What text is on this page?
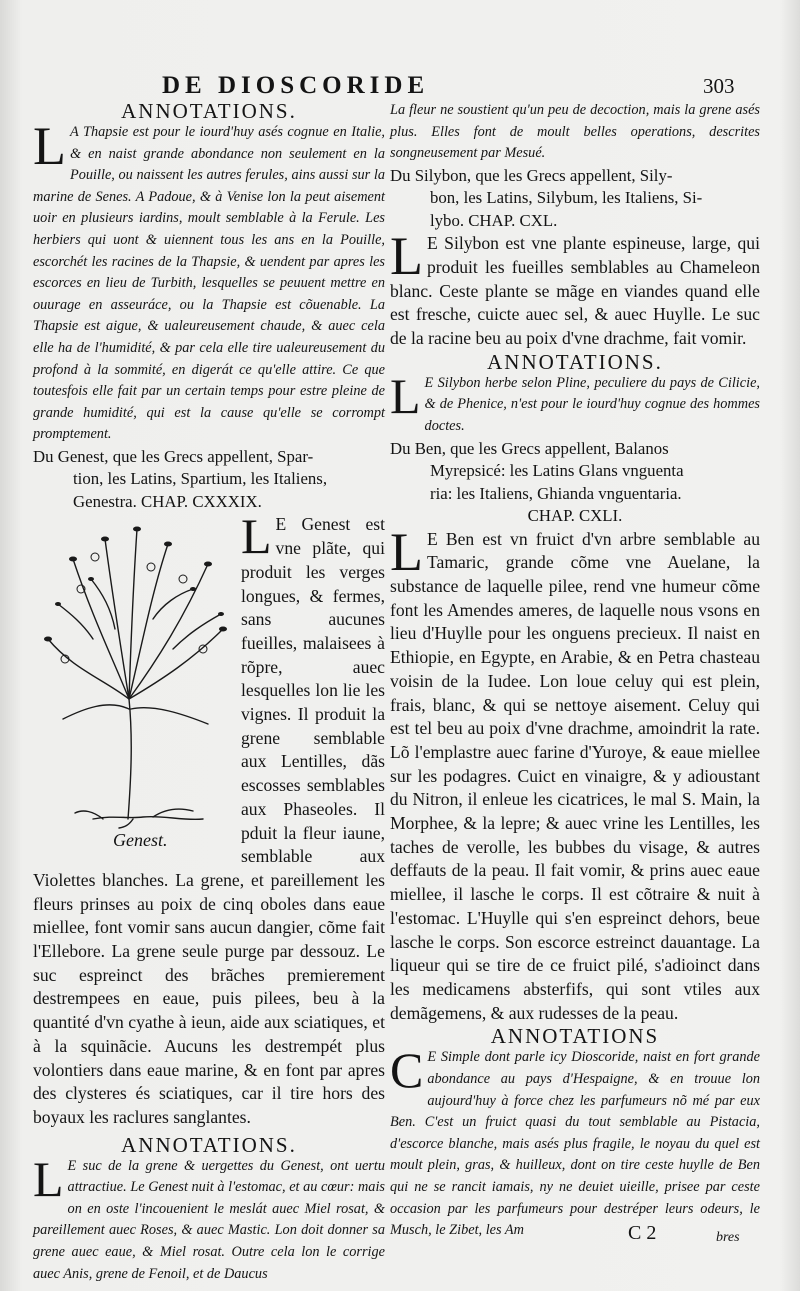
DE DIOSCORIDE	303
ANNOTATIONS.

L A Thapsie est pour le iourd'huy asés cognue en Italie, & en naist grande abondance non seulement en la Pouille, ou naissent les autres ferules, ains aussi sur la marine de Senes. A Padoue, & à Venise lon la peut aisement uoir en plusieurs iardins, moult semblable à la Ferule. Les herbiers qui uont & uiennent tous les ans en la Pouille, escorchét les racines de la Thapsie, & uendent par apres les escorces en lieu de Turbith, lesquelles se peuuent mettre en ouurage en asseuráce, ou la Thapsie est cõuenable. La Thapsie est aigue, & ualeureusement chaude, & auec cela elle ha de l'humidité, & par cela elle tire ualeureusement du profond à la sommité, en digerát ce qu'elle attire. Ce que toutesfois elle fait par un certain temps pour estre pleine de grande humidité, qui est la cause qu'elle se corrompt promptement.

Du Genest, que les Grecs appellent, Spar-
tion, les Latins, Spartium, les Italiens,
Genestra. CHAP. CXXXIX.
Genest.
L E Genest est vne plãte, qui produit les verges longues, & fermes, sans aucunes fueilles, malaisees à rõpre, auec lesquelles lon lie les vignes. Il produit la grene semblable aux Lentilles, dãs escosses semblables aux Phaseoles. Il pduit la fleur iaune, semblable aux Violettes blanches. La grene, et pareillement les fleurs prinses au poix de cinq oboles dans eaue miellee, font vomir sans aucun dangier, cõme fait l'Ellebore. La grene seule purge par dessouz. Le suc espreinct des brãches premierement destrempees en eaue, puis pilees, beu à la quantité d'vn cyathe à ieun, aide aux sciatiques, et à la squinãcie. Aucuns les destrempét plus volontiers dans eaue marine, & en font par apres des clysteres és sciatiques, car il tire hors des boyaux les raclures sanglantes.
ANNOTATIONS.

L E suc de la grene & uergettes du Genest, ont uertu attractiue. Le Genest nuit à l'estomac, et au cœur: mais on en oste l'incouenient le meslát auec Miel rosat, & pareillement auec Roses, & auec Mastic. Lon doit donner sa grene auec eaue, & Miel rosat. Outre cela lon le corrige auec Anis, grene de Fenoil, et de Daucus

La fleur ne soustient qu'un peu de decoction, mais la grene asés plus. Elles font de moult belles operations, descrites songneusement par Mesué.

Du Silybon, que les Grecs appellent, Sily-
bon, les Latins, Silybum, les Italiens, Si-
lybo. CHAP. CXL.

L E Silybon est vne plante espineuse, large, qui produit les fueilles semblables au Chameleon blanc. Ceste plante se mãge en viandes quand elle est fresche, cuicte auec sel, & auec Huylle. Le suc de la racine beu au poix d'vne drachme, fait vomir.

ANNOTATIONS.

L E Silybon herbe selon Pline, peculiere du pays de Cilicie, & de Phenice, n'est pour le iourd'huy cognue des hommes doctes.

Du Ben, que les Grecs appellent, Balanos
Myrepsicé: les Latins Glans vnguenta
ria: les Italiens, Ghianda vnguentaria.
CHAP. CXLI.

L E Ben est vn fruict d'vn arbre semblable au Tamaric, grande cõme vne Auelane, la substance de laquelle pilee, rend vne humeur cõme font les Amendes ameres, de laquelle nous vsons en lieu d'Huylle pour les onguens precieux. Il naist en Ethiopie, en Egypte, en Arabie, & en Petra chasteau voisin de la Iudee. Lon loue celuy qui est plein, frais, blanc, & qui se nettoye aisement. Celuy qui est tel beu au poix d'vne drachme, amoindrit la rate. Lõ l'emplastre auec farine d'Yuroye, & eaue miellee sur les podagres. Cuict en vinaigre, & y adioustant du Nitron, il enleue les cicatrices, le mal S. Main, la Morphee, & la lepre; & auec vrine les Lentilles, les taches de verolle, les bubbes du visage, & autres deffauts de la peau. Il fait vomir, & prins auec eaue miellee, il lasche le corps. Il est cõtraire & nuit à l'estomac. L'Huylle qui s'en espreinct dehors, beue lasche le corps. Son escorce estreinct dauantage. La liqueur qui se tire de ce fruict pilé, s'adioinct dans les medicamens absterfifs, qui sont vtiles aux demãgemens, & aux rudesses de la peau.

ANNOTATIONS

C E Simple dont parle icy Dioscoride, naist en fort grande abondance au pays d'Hespaigne, & en trouue lon aujourd'huy à force chez les parfumeurs nõ mé par eux Ben. C'est un fruict quasi du tout semblable au Pistacia, d'escorce blanche, mais asés plus fragile, le noyau du quel est moult plein, gras, & huilleux, dont on tire ceste huylle de Ben qui ne se rancit iamais, ny ne deuiet uieille, prisee par ceste occasion par les parfumeurs pour destréper leurs odeurs, le Musch, le Zibet, les Am	C 2	bres
